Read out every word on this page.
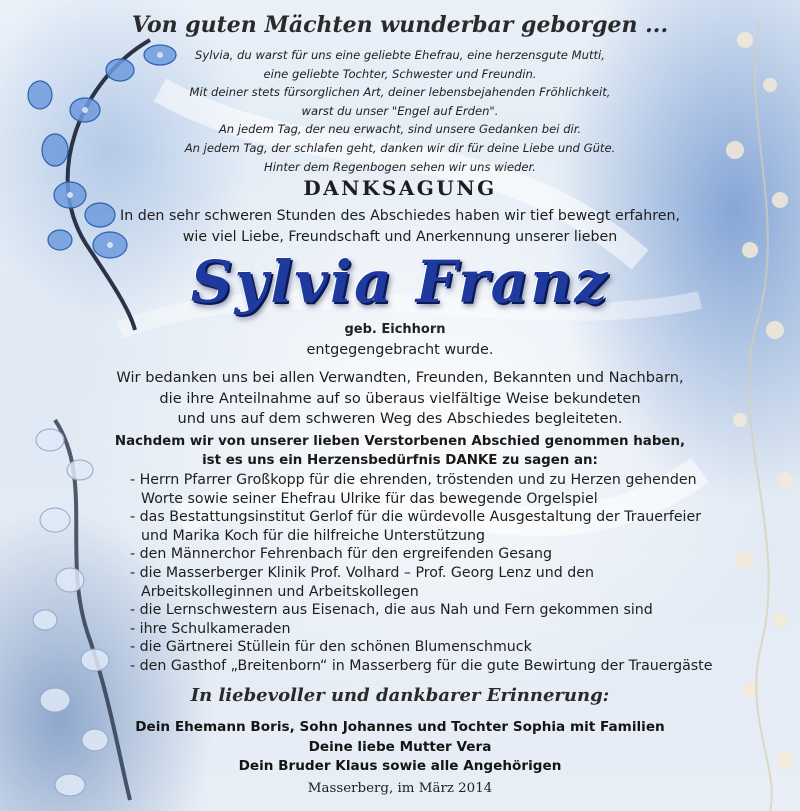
Von guten Mächten wunderbar geborgen ...
Sylvia, du warst für uns eine geliebte Ehefrau, eine herzensgute Mutti,
eine geliebte Tochter, Schwester und Freundin.
Mit deiner stets fürsorglichen Art, deiner lebensbejahenden Fröhlichkeit,
warst du unser "Engel auf Erden".
An jedem Tag, der neu erwacht, sind unsere Gedanken bei dir.
An jedem Tag, der schlafen geht, danken wir dir für deine Liebe und Güte.
Hinter dem Regenbogen sehen wir uns wieder.
DANKSAGUNG
In den sehr schweren Stunden des Abschiedes haben wir tief bewegt erfahren,
wie viel Liebe, Freundschaft und Anerkennung unserer lieben
Sylvia Franz
geb. Eichhorn
entgegengebracht wurde.
Wir bedanken uns bei allen Verwandten, Freunden, Bekannten und Nachbarn,
die ihre Anteilnahme auf so überaus vielfältige Weise bekundeten
und uns auf dem schweren Weg des Abschiedes begleiteten.
Nachdem wir von unserer lieben Verstorbenen Abschied genommen haben,
ist es uns ein Herzensbedürfnis DANKE zu sagen an:
- Herrn Pfarrer Großkopp für die ehrenden, tröstenden und zu Herzen gehenden
Worte sowie seiner Ehefrau Ulrike für das bewegende Orgelspiel
- das Bestattungsinstitut Gerlof für die würdevolle Ausgestaltung der Trauerfeier
und Marika Koch für die hilfreiche Unterstützung
- den Männerchor Fehrenbach für den ergreifenden Gesang
- die Masserberger Klinik Prof. Volhard – Prof. Georg Lenz und den
Arbeitskolleginnen und Arbeitskollegen
- die Lernschwestern aus Eisenach, die aus Nah und Fern gekommen sind
- ihre Schulkameraden
- die Gärtnerei Stüllein für den schönen Blumenschmuck
- den Gasthof „Breitenborn“ in Masserberg für die gute Bewirtung der Trauergäste
In liebevoller und dankbarer Erinnerung:
Dein Ehemann Boris, Sohn Johannes und Tochter Sophia mit Familien
Deine liebe Mutter Vera
Dein Bruder Klaus sowie alle Angehörigen
Masserberg, im März 2014
